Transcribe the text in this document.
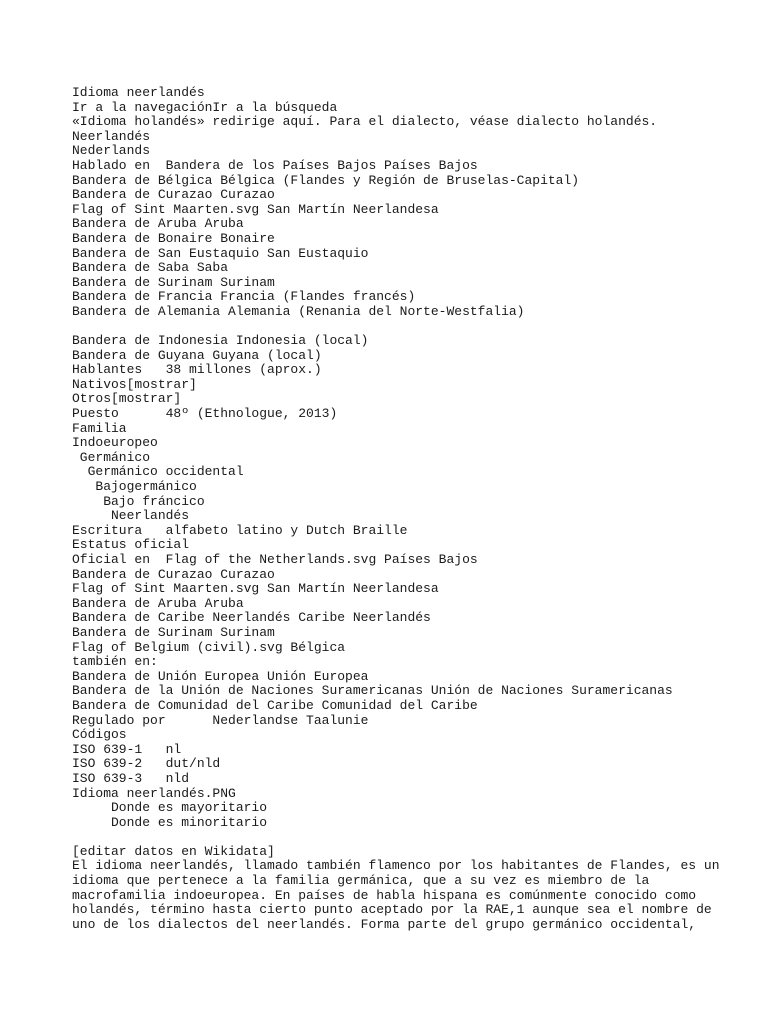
Idioma neerlandés
Ir a la navegaciónIr a la búsqueda
«Idioma holandés» redirige aquí. Para el dialecto, véase dialecto holandés.
Neerlandés
Nederlands
Hablado en  Bandera de los Países Bajos Países Bajos
Bandera de Bélgica Bélgica (Flandes y Región de Bruselas-Capital)
Bandera de Curazao Curazao
Flag of Sint Maarten.svg San Martín Neerlandesa
Bandera de Aruba Aruba
Bandera de Bonaire Bonaire
Bandera de San Eustaquio San Eustaquio
Bandera de Saba Saba
Bandera de Surinam Surinam
Bandera de Francia Francia (Flandes francés)
Bandera de Alemania Alemania (Renania del Norte-Westfalia)
Bandera de Indonesia Indonesia (local)
Bandera de Guyana Guyana (local)
Hablantes   38 millones (aprox.)
Nativos[mostrar]
Otros[mostrar]
Puesto      48º (Ethnologue, 2013)
Familia
Indoeuropeo
Germánico
Germánico occidental
Bajogermánico
Bajo fráncico
Neerlandés
Escritura   alfabeto latino y Dutch Braille
Estatus oficial
Oficial en  Flag of the Netherlands.svg Países Bajos
Bandera de Curazao Curazao
Flag of Sint Maarten.svg San Martín Neerlandesa
Bandera de Aruba Aruba
Bandera de Caribe Neerlandés Caribe Neerlandés
Bandera de Surinam Surinam
Flag of Belgium (civil).svg Bélgica
también en:
Bandera de Unión Europea Unión Europea
Bandera de la Unión de Naciones Suramericanas Unión de Naciones Suramericanas
Bandera de Comunidad del Caribe Comunidad del Caribe
Regulado por      Nederlandse Taalunie
Códigos
ISO 639-1   nl
ISO 639-2   dut/nld
ISO 639-3   nld
Idioma neerlandés.PNG
Donde es mayoritario
Donde es minoritario
[editar datos en Wikidata]
El idioma neerlandés, llamado también flamenco por los habitantes de Flandes, es un
idioma que pertenece a la familia germánica, que a su vez es miembro de la
macrofamilia indoeuropea. En países de habla hispana es comúnmente conocido como
holandés, término hasta cierto punto aceptado por la RAE,1 aunque sea el nombre de
uno de los dialectos del neerlandés. Forma parte del grupo germánico occidental,
